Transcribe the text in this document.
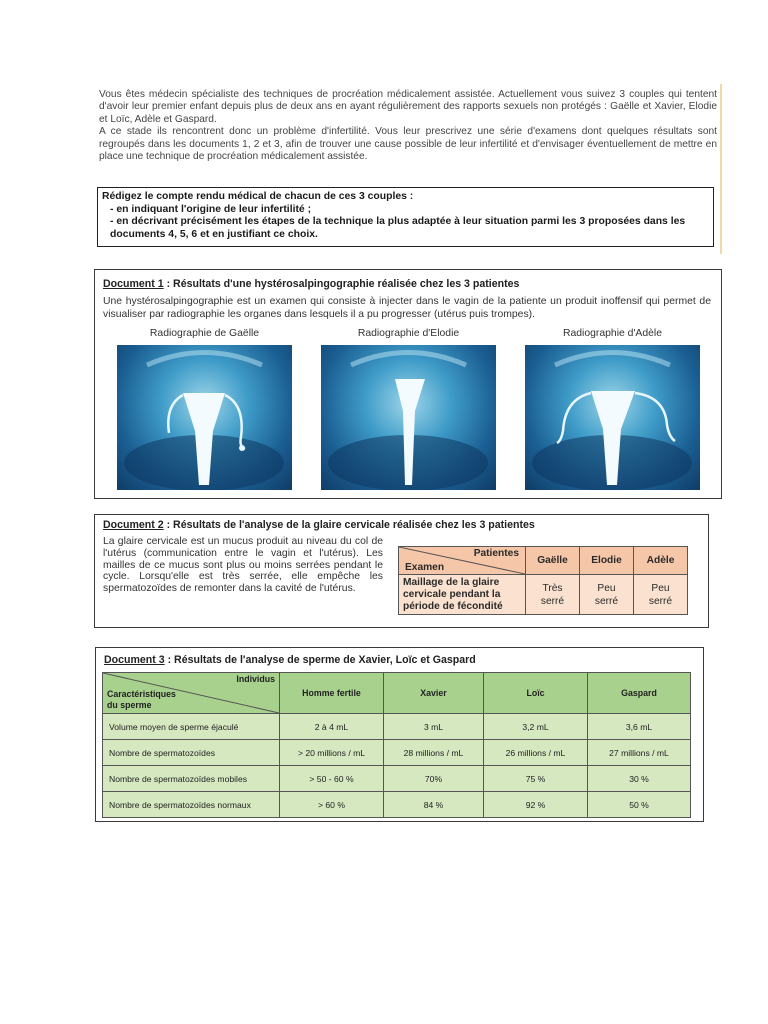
Vous êtes médecin spécialiste des techniques de procréation médicalement assistée. Actuellement vous suivez 3 couples qui tentent d'avoir leur premier enfant depuis plus de deux ans en ayant régulièrement des rapports sexuels non protégés : Gaëlle et Xavier, Elodie et Loïc, Adèle et Gaspard.

A ce stade ils rencontrent donc un problème d'infertilité. Vous leur prescrivez une série d'examens dont quelques résultats sont regroupés dans les documents 1, 2 et 3, afin de trouver une cause possible de leur infertilité et d'envisager éventuellement de mettre en place une technique de procréation médicalement assistée.

Rédigez le compte rendu médical de chacun de ces 3 couples :
- en indiquant l'origine de leur infertilité ;
- en décrivant précisément les étapes de la technique la plus adaptée à leur situation parmi les 3 proposées dans les documents 4, 5, 6 et en justifiant ce choix.
Document 1 : Résultats d'une hystérosalpingographie réalisée chez les 3 patientes
Une hystérosalpingographie est un examen qui consiste à injecter dans le vagin de la patiente un produit inoffensif qui permet de visualiser par radiographie les organes dans lesquels il a pu progresser (utérus puis trompes).
Radiographie de Gaëlle	Radiographie d'Elodie	Radiographie d'Adèle
Document 2 : Résultats de l'analyse de la glaire cervicale réalisée chez les 3 patientes
La glaire cervicale est un mucus produit au niveau du col de l'utérus (communication entre le vagin et l'utérus). Les mailles de ce mucus sont plus ou moins serrées pendant le cycle. Lorsqu'elle est très serrée, elle empêche les spermatozoïdes de remonter dans la cavité de l'utérus.
Patientes
Examen	Gaëlle	Elodie	Adèle
Maillage de la glaire cervicale pendant la période de fécondité	Très serré	Peu serré	Peu serré
Document 3 : Résultats de l'analyse de sperme de Xavier, Loïc et Gaspard
Individus
Caractéristiques du sperme	Homme fertile	Xavier	Loïc	Gaspard
Volume moyen de sperme éjaculé	2 à 4 mL	3 mL	3,2 mL	3,6 mL
Nombre de spermatozoïdes	> 20 millions / mL	28 millions / mL	26 millions / mL	27 millions / mL
Nombre de spermatozoïdes mobiles	> 50 - 60 %	70%	75 %	30 %
Nombre de spermatozoïdes normaux	> 60 %	84 %	92 %	50 %
